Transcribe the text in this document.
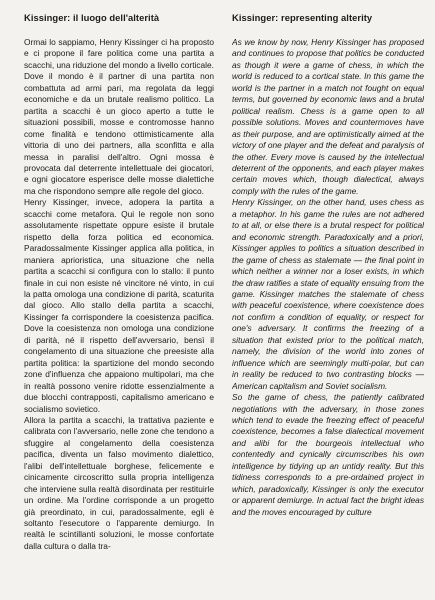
Kissinger: il luogo dell'alterità

Ormai lo sappiamo, Henry Kissinger ci ha proposto e ci propone il fare politica come una partita a scacchi, una riduzione del mondo a livello corticale. Dove il mondo è il partner di una partita non combattuta ad armi pari, ma regolata da leggi economiche e da un brutale realismo politico. La partita a scacchi è un gioco aperto a tutte le situazioni possibili, mosse e contromosse hanno come finalità e tendono ottimisticamente alla vittoria di uno dei partners, alla sconfitta e alla messa in paralisi dell'altro. Ogni mossa è provocata dal deterrente intellettuale dei giocatori, e ogni giocatore esperisce delle mosse dialettiche ma che rispondono sempre alle regole del gioco.
Henry Kissinger, invece, adopera la partita a scacchi come metafora. Qui le regole non sono assolutamente rispettate oppure esiste il brutale rispetto della forza politica ed economica. Paradossalmente Kissinger applica alla politica, in maniera aprioristica, una situazione che nella partita a scacchi si configura con lo stallo: il punto finale in cui non esiste né vincitore né vinto, in cui la patta omologa una condizione di parità, scaturita dal gioco. Allo stallo della partita a scacchi, Kissinger fa corrispondere la coesistenza pacifica. Dove la coesistenza non omologa una condizione di parità, né il rispetto dell'avversario, bensì il congelamento di una situazione che preesiste alla partita politica: la spartizione del mondo secondo zone d'influenza che appaiono multipolari, ma che in realtà possono venire ridotte essenzialmente a due blocchi contrapposti, capitalismo americano e socialismo sovietico.
Allora la partita a scacchi, la trattativa paziente e calibrata con l'avversario, nelle zone che tendono a sfuggire al congelamento della coesistenza pacifica, diventa un falso movimento dialettico, l'alibi dell'intellettuale borghese, felicemente e cinicamente circoscritto sulla propria intelligenza che interviene sulla realtà disordinata per restituirle un ordine. Ma l'ordine corrisponde a un progetto già preordinato, in cui, paradossalmente, egli è soltanto l'esecutore o l'apparente demiurgo. In realtà le scintillanti soluzioni, le mosse confortate dalla cultura o dalla tra-

Kissinger: representing alterity

As we know by now, Henry Kissinger has proposed and continues to propose that politics be conducted as though it were a game of chess, in which the world is reduced to a cortical state. In this game the world is the partner in a match not fought on equal terms, but governed by economic laws and a brutal political realism. Chess is a game open to all possible solutions. Moves and countermoves have as their purpose, and are optimistically aimed at the victory of one player and the defeat and paralysis of the other. Every move is caused by the intellectual deterrent of the opponents, and each player makes certain moves which, though dialectical, always comply with the rules of the game.
Henry Kissinger, on the other hand, uses chess as a metaphor. In his game the rules are not adhered to at all, or else there is a brutal respect for political and economic strength. Paradoxically and a priori, Kissinger applies to politics a situation described in the game of chess as stalemate — the final point in which neither a winner nor a loser exists, in which the draw ratifies a state of equality ensuing from the game. Kissinger matches the stalemate of chess with peaceful coexistence, where coexistence does not confirm a condition of equality, or respect for one's adversary. It confirms the freezing of a situation that existed prior to the political match, namely, the division of the world into zones of influence which are seemingly multi-polar, but can in reality be reduced to two contrasting blocks — American capitalism and Soviet socialism.
So the game of chess, the patiently calibrated negotiations with the adversary, in those zones which tend to evade the freezing effect of peaceful coexistence, becomes a false dialectical movement and alibi for the bourgeois intellectual who contentedly and cynically circumscribes his own intelligence by tidying up an untidy reality. But this tidiness corresponds to a pre-ordained project in which, paradoxically, Kissinger is only the executor or apparent demiurge. In actual fact the bright ideas and the moves encouraged by culture
